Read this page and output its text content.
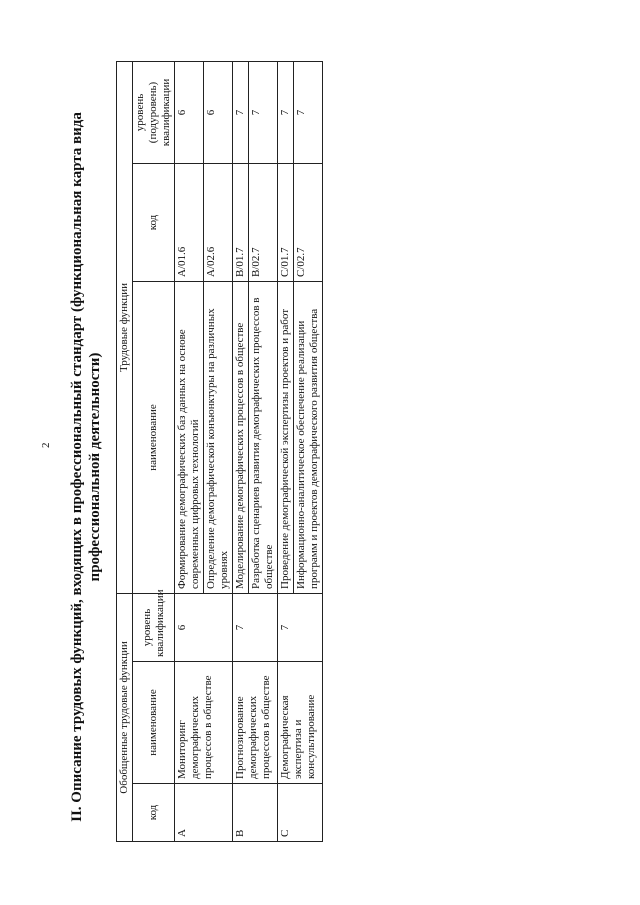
2 II. Описание трудовых функций, входящих в профессиональный стандарт (функциональная карта вида профессиональной деятельности)
Обобщенные трудовые функции			Трудовые функции		
код	наименование	уровень квалификации	наименование	код	уровень (подуровень) квалификации
A	Мониторинг демографических процессов в обществе	6	Формирование демографических баз данных на основе современных цифровых технологий	A/01.6	6
			Определение демографической конъюнктуры на различных уровнях	A/02.6	6
B	Прогнозирование демографических процессов в обществе	7	Моделирование демографических процессов в обществе	B/01.7	7
			Разработка сценариев развития демографических процессов в обществе	B/02.7	7
C	Демографическая экспертиза и консультирование	7	Проведение демографической экспертизы проектов и работ	C/01.7	7
			Информационно-аналитическое обеспечение реализации программ и проектов демографического развития общества	C/02.7	7
